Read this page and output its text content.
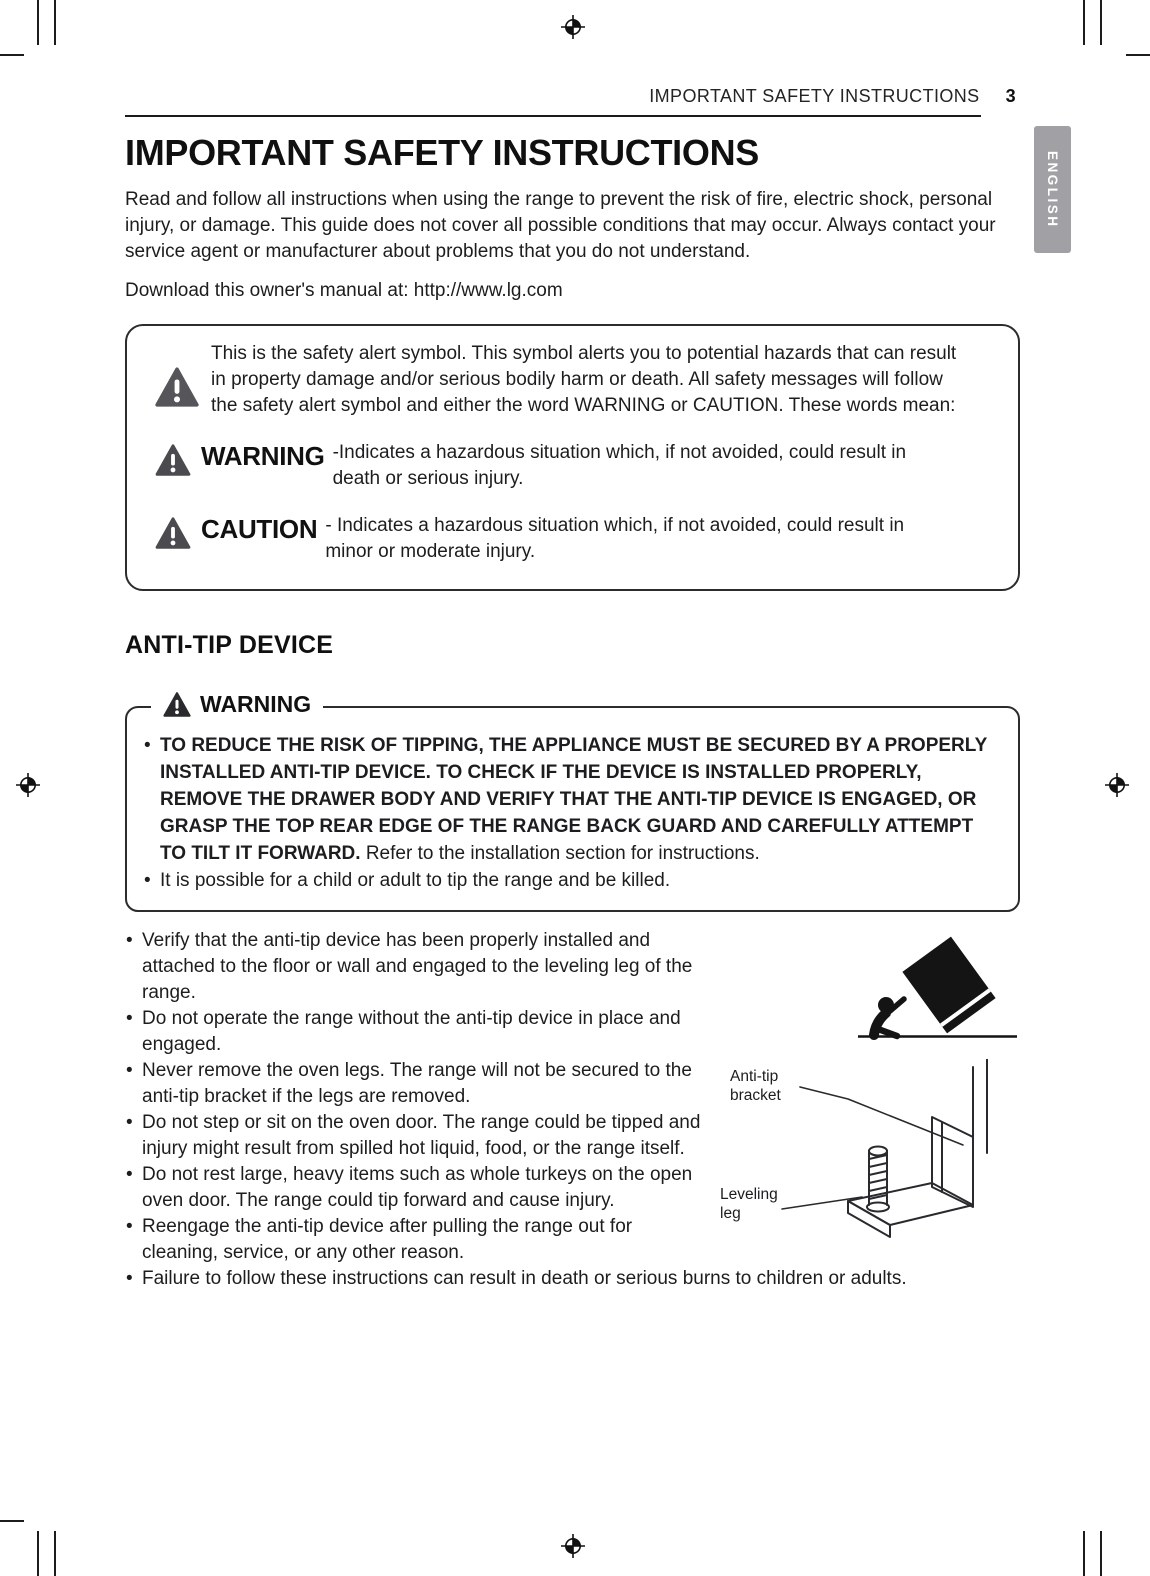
ENGLISH
IMPORTANT SAFETY INSTRUCTIONS 3
IMPORTANT SAFETY INSTRUCTIONS

Read and follow all instructions when using the range to prevent the risk of fire, electric shock, personal injury, or damage. This guide does not cover all possible conditions that may occur. Always contact your service agent or manufacturer about problems that you do not understand.

Download this owner's manual at: http://www.lg.com

This is the safety alert symbol. This symbol alerts you to potential hazards that can result in property damage and/or serious bodily harm or death. All safety messages will follow the safety alert symbol and either the word WARNING or CAUTION. These words mean:

WARNING -Indicates a hazardous situation which, if not avoided, could result in death or serious injury.

CAUTION - Indicates a hazardous situation which, if not avoided, could result in minor or moderate injury.

ANTI-TIP DEVICE
WARNING
• TO REDUCE THE RISK OF TIPPING, THE APPLIANCE MUST BE SECURED BY A PROPERLY INSTALLED ANTI-TIP DEVICE. TO CHECK IF THE DEVICE IS INSTALLED PROPERLY, REMOVE THE DRAWER BODY AND VERIFY THAT THE ANTI-TIP DEVICE IS ENGAGED, OR GRASP THE TOP REAR EDGE OF THE RANGE BACK GUARD AND CAREFULLY ATTEMPT TO TILT IT FORWARD. Refer to the installation section for instructions.
• It is possible for a child or adult to tip the range and be killed.
Anti-tip bracket
Leveling leg
• Verify that the anti-tip device has been properly installed and attached to the floor or wall and engaged to the leveling leg of the range.
• Do not operate the range without the anti-tip device in place and engaged.
• Never remove the oven legs. The range will not be secured to the anti-tip bracket if the legs are removed.
• Do not step or sit on the oven door. The range could be tipped and injury might result from spilled hot liquid, food, or the range itself.
• Do not rest large, heavy items such as whole turkeys on the open oven door. The range could tip forward and cause injury.
• Reengage the anti-tip device after pulling the range out for cleaning, service, or any other reason.
• Failure to follow these instructions can result in death or serious burns to children or adults.
